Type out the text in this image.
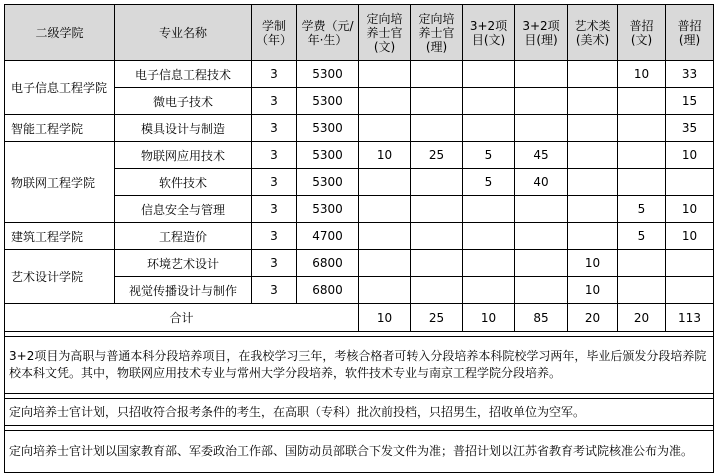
二级学院	专业名称	学制（年）	学费（元/年·生）	定向培养士官(文)	定向培养士官(理)	3+2项目(文)	3+2项目(理)	艺术类(美术)	普招(文)	普招(理)
电子信息工程学院	电子信息工程技术	3	5300						10	33
	微电子技术	3	5300							15
智能工程学院	模具设计与制造	3	5300							35
物联网工程学院	物联网应用技术	3	5300	10	25	5	45			10
	软件技术	3	5300			5	40			
	信息安全与管理	3	5300						5	10
建筑工程学院	工程造价	3	4700						5	10
艺术设计学院	环境艺术设计	3	6800					10		
	视觉传播设计与制作	3	6800					10		
合计				10	25	10	85	20	20	113

3+2项目为高职与普通本科分段培养项目，在我校学习三年，考核合格者可转入分段培养本科院校学习两年，毕业后颁发分段培养院校本科文凭。其中，物联网应用技术专业与常州大学分段培养，软件技术专业与南京工程学院分段培养。										

定向培养士官计划，只招收符合报考条件的考生，在高职（专科）批次前投档，只招男生，招收单位为空军。										

定向培养士官计划以国家教育部、军委政治工作部、国防动员部联合下发文件为准；普招计划以江苏省教育考试院核准公布为准。										
